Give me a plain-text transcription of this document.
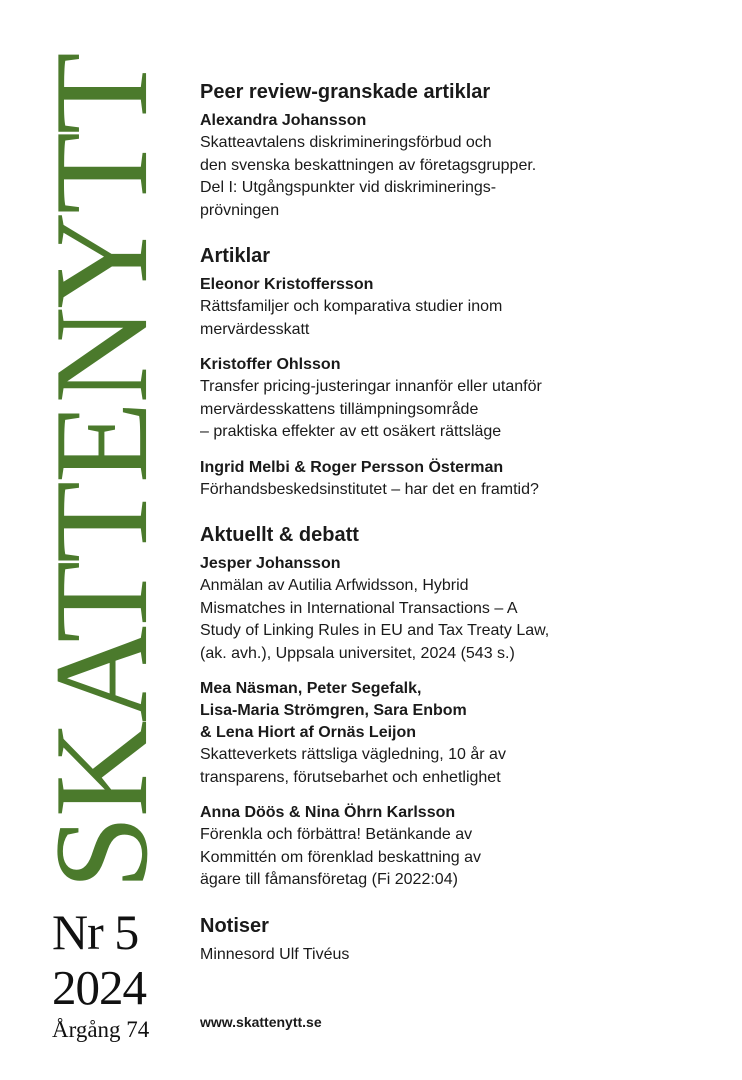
SKATTENYTT
Nr 5
2024
Årgång 74
Peer review-granskade artiklar
Alexandra Johansson
Skatteavtalens diskrimineringsförbud och
den svenska beskattningen av företagsgrupper.
Del I: Utgångspunkter vid diskriminerings-
prövningen
Artiklar
Eleonor Kristoffersson
Rättsfamiljer och komparativa studier inom
mervärdesskatt
Kristoffer Ohlsson
Transfer pricing-justeringar innanför eller utanför
mervärdesskattens tillämpningsområde
– praktiska effekter av ett osäkert rättsläge
Ingrid Melbi & Roger Persson Österman
Förhandsbeskedsinstitutet – har det en framtid?
Aktuellt & debatt
Jesper Johansson
Anmälan av Autilia Arfwidsson, Hybrid
Mismatches in International Transactions – A
Study of Linking Rules in EU and Tax Treaty Law,
(ak. avh.), Uppsala universitet, 2024 (543 s.)
Mea Näsman, Peter Segefalk,
Lisa-Maria Strömgren, Sara Enbom
& Lena Hiort af Ornäs Leijon
Skatteverkets rättsliga vägledning, 10 år av
transparens, förutsebarhet och enhetlighet
Anna Döös & Nina Öhrn Karlsson
Förenkla och förbättra! Betänkande av
Kommittén om förenklad beskattning av
ägare till fåmansföretag (Fi 2022:04)
Notiser
Minnesord Ulf Tivéus
www.skattenytt.se
